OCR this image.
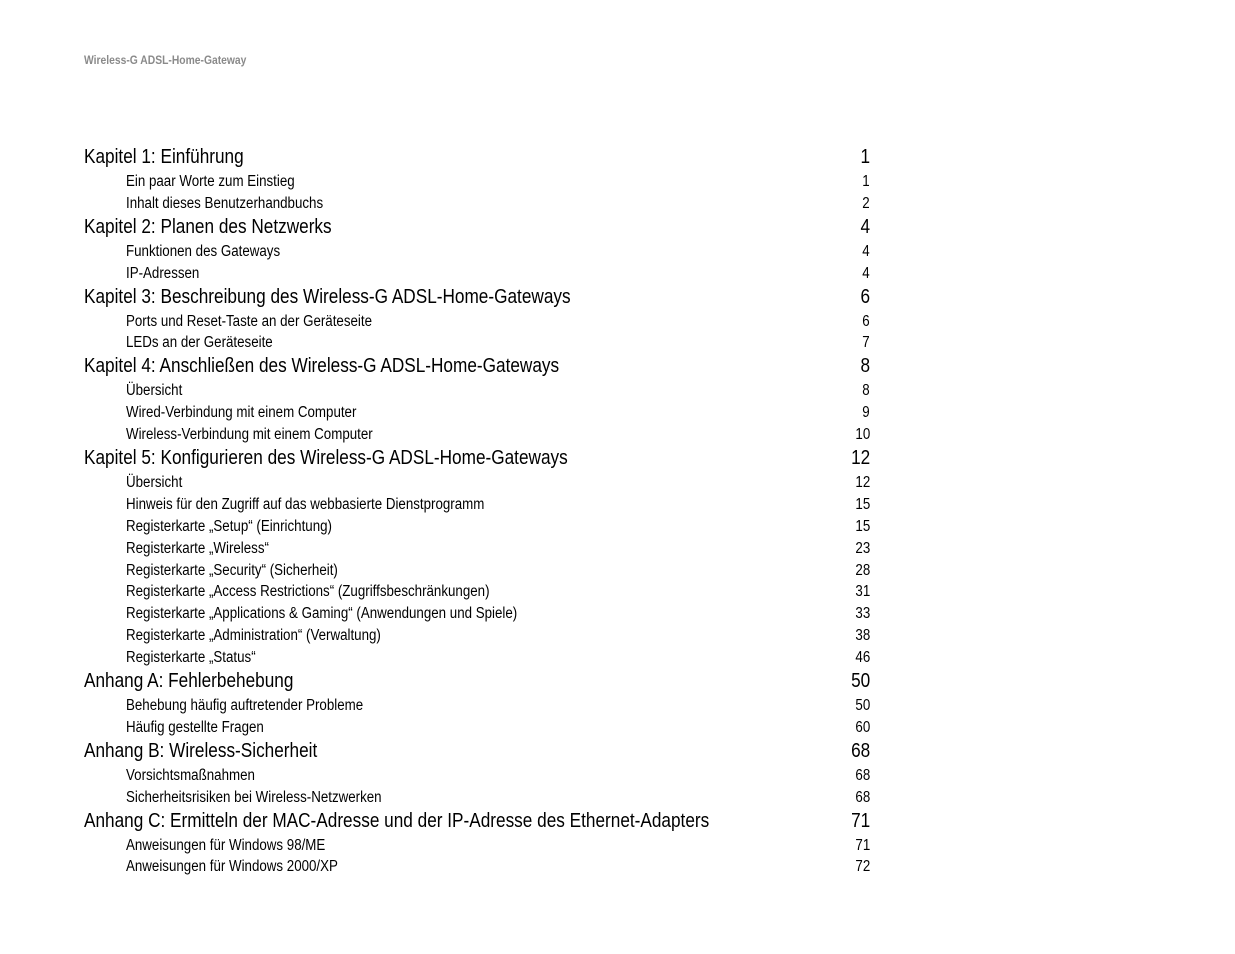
Wireless-G ADSL-Home-Gateway
Kapitel 1: Einführung	1
Ein paar Worte zum Einstieg	1
Inhalt dieses Benutzerhandbuchs	2
Kapitel 2: Planen des Netzwerks	4
Funktionen des Gateways	4
IP-Adressen	4
Kapitel 3: Beschreibung des Wireless-G ADSL-Home-Gateways	6
Ports und Reset-Taste an der Geräteseite	6
LEDs an der Geräteseite	7
Kapitel 4: Anschließen des Wireless-G ADSL-Home-Gateways	8
Übersicht	8
Wired-Verbindung mit einem Computer	9
Wireless-Verbindung mit einem Computer	10
Kapitel 5: Konfigurieren des Wireless-G ADSL-Home-Gateways	12
Übersicht	12
Hinweis für den Zugriff auf das webbasierte Dienstprogramm	15
Registerkarte „Setup“ (Einrichtung)	15
Registerkarte „Wireless“	23
Registerkarte „Security“ (Sicherheit)	28
Registerkarte „Access Restrictions“ (Zugriffsbeschränkungen)	31
Registerkarte „Applications & Gaming“ (Anwendungen und Spiele)	33
Registerkarte „Administration“ (Verwaltung)	38
Registerkarte „Status“	46
Anhang A: Fehlerbehebung	50
Behebung häufig auftretender Probleme	50
Häufig gestellte Fragen	60
Anhang B: Wireless-Sicherheit	68
Vorsichtsmaßnahmen	68
Sicherheitsrisiken bei Wireless-Netzwerken	68
Anhang C: Ermitteln der MAC-Adresse und der IP-Adresse des Ethernet-Adapters	71
Anweisungen für Windows 98/ME	71
Anweisungen für Windows 2000/XP	72
